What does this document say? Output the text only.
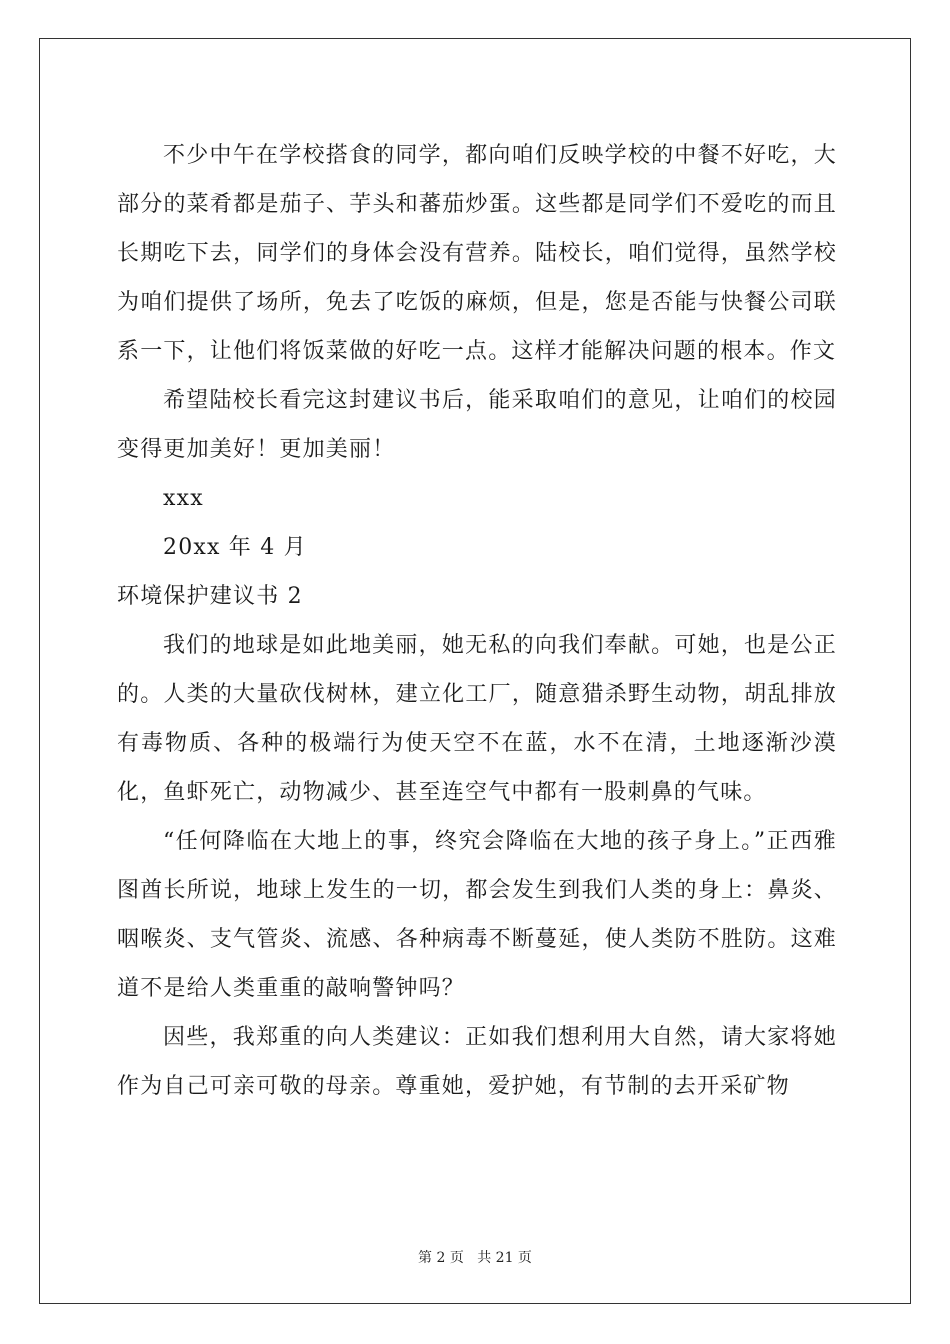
不少中午在学校搭食的同学，都向咱们反映学校的中餐不好吃，大部分的菜肴都是茄子、芋头和蕃茄炒蛋。这些都是同学们不爱吃的而且长期吃下去，同学们的身体会没有营养。陆校长，咱们觉得，虽然学校为咱们提供了场所，免去了吃饭的麻烦，但是，您是否能与快餐公司联系一下，让他们将饭菜做的好吃一点。这样才能解决问题的根本。作文

希望陆校长看完这封建议书后，能采取咱们的意见，让咱们的校园变得更加美好！更加美丽！

xxx

20xx 年 4 月

环境保护建议书 2

我们的地球是如此地美丽，她无私的向我们奉献。可她，也是公正的。人类的大量砍伐树林，建立化工厂，随意猎杀野生动物，胡乱排放有毒物质、各种的极端行为使天空不在蓝，水不在清，土地逐渐沙漠化，鱼虾死亡，动物减少、甚至连空气中都有一股刺鼻的气味。

“任何降临在大地上的事，终究会降临在大地的孩子身上。”正西雅图酋长所说，地球上发生的一切，都会发生到我们人类的身上：鼻炎、咽喉炎、支气管炎、流感、各种病毒不断蔓延，使人类防不胜防。这难道不是给人类重重的敲响警钟吗？

因些，我郑重的向人类建议：正如我们想利用大自然，请大家将她作为自己可亲可敬的母亲。尊重她，爱护她，有节制的去开采矿物

第 2 页 共 21 页
